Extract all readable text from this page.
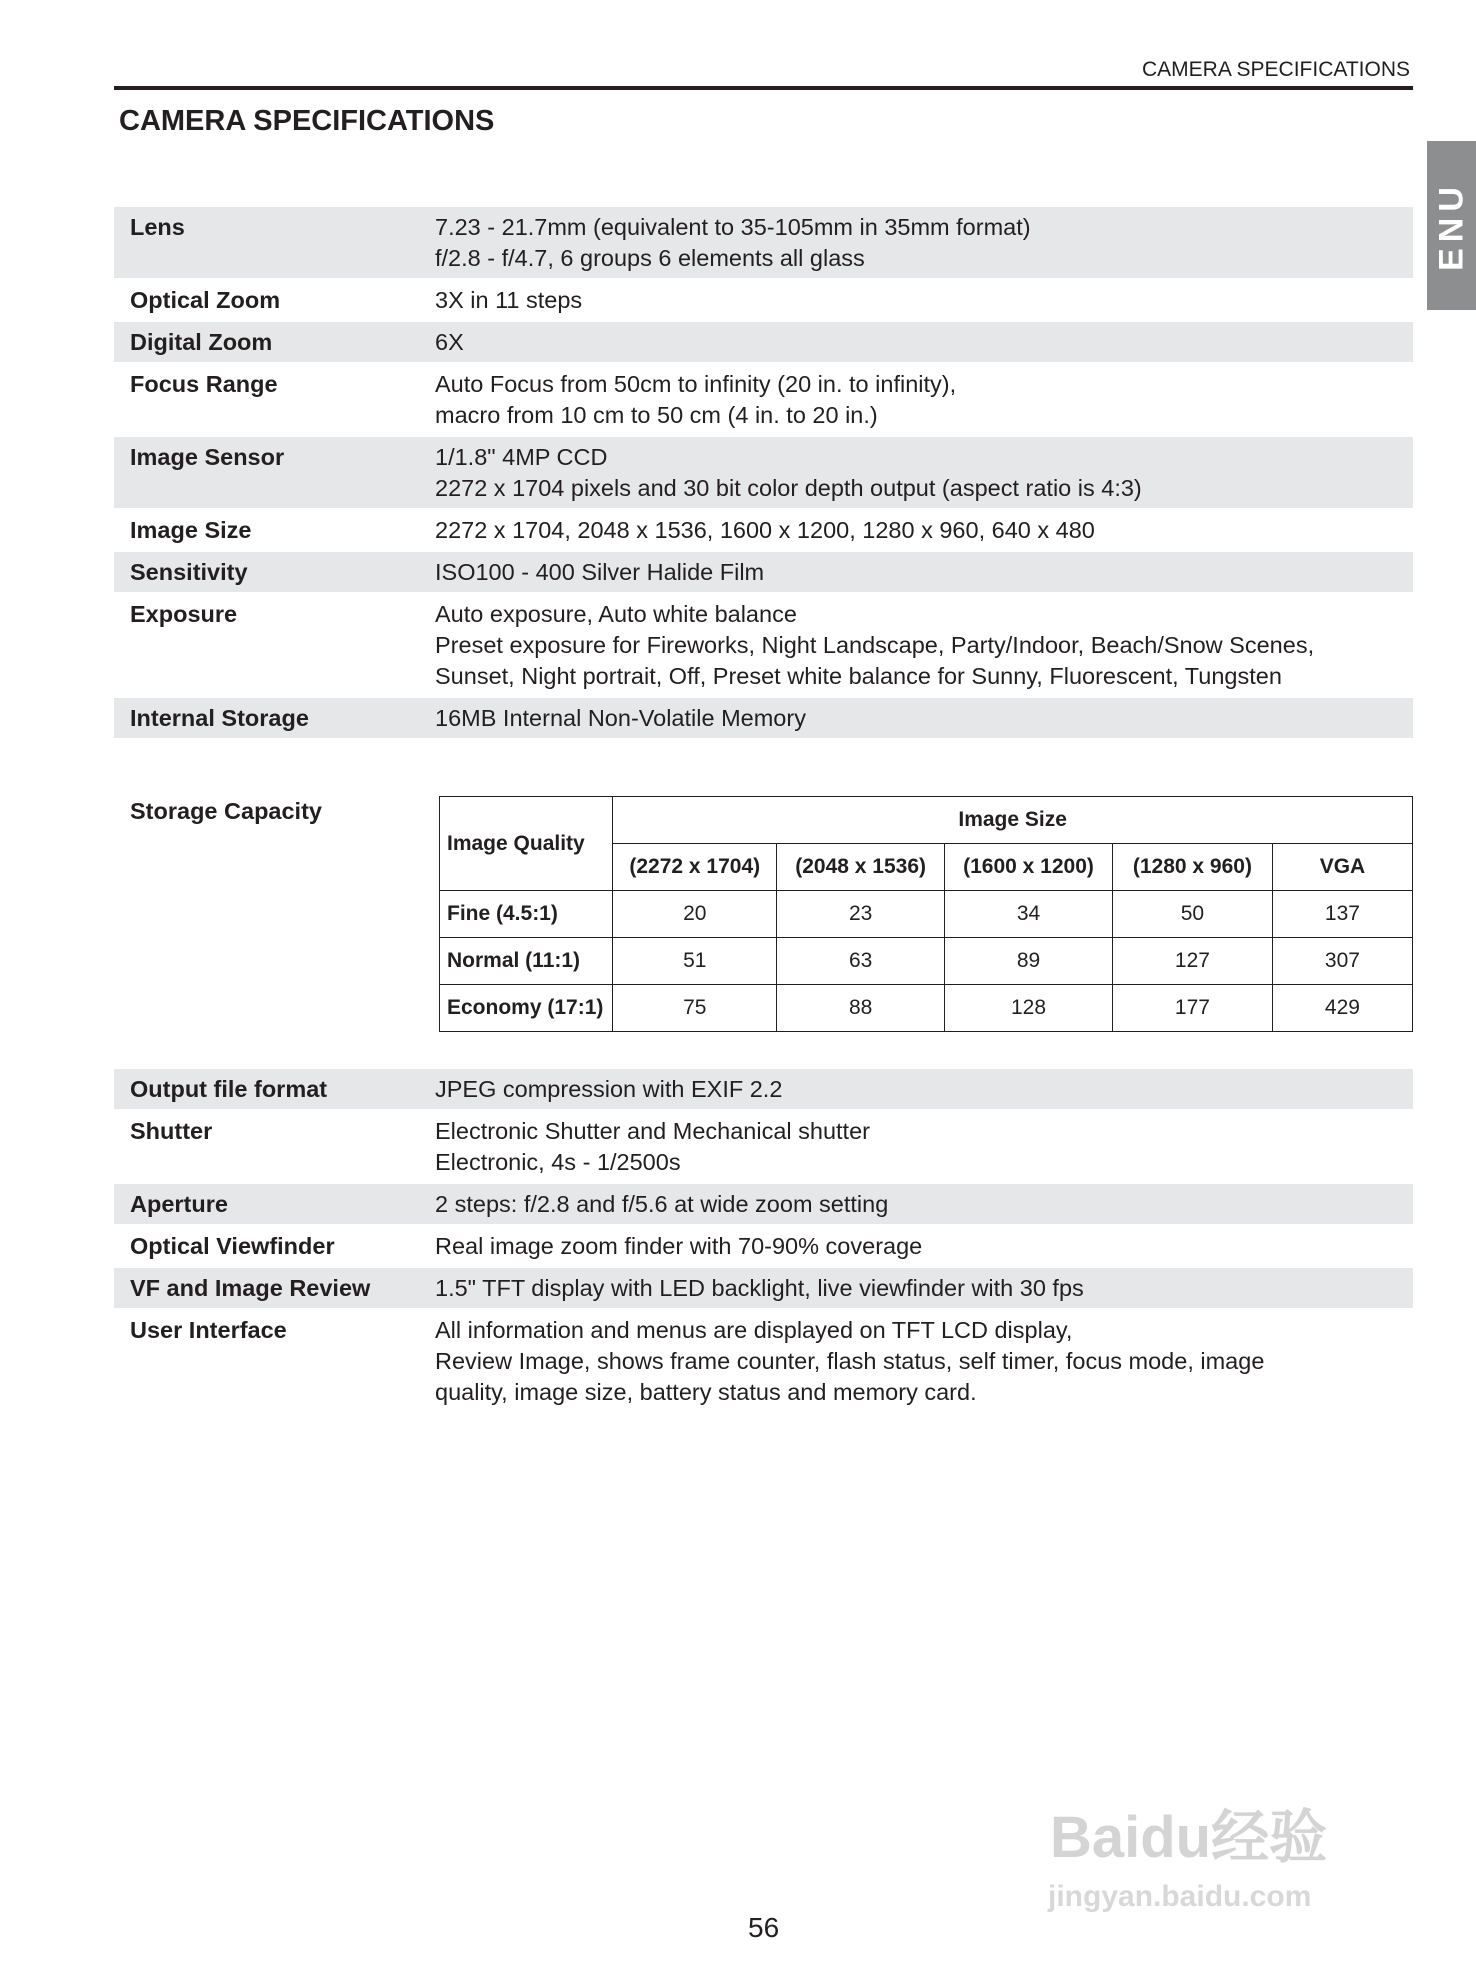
CAMERA SPECIFICATIONS
CAMERA SPECIFICATIONS
ENU
Lens	7.23 - 21.7mm (equivalent to 35-105mm in 35mm format)
f/2.8 - f/4.7, 6 groups 6 elements all glass
Optical Zoom	3X in 11 steps
Digital Zoom	6X
Focus Range	Auto Focus from 50cm to infinity (20 in. to infinity),
macro from 10 cm to 50 cm (4 in. to 20 in.)
Image Sensor	1/1.8" 4MP CCD
2272 x 1704 pixels and 30 bit color depth output (aspect ratio is 4:3)
Image Size	2272 x 1704, 2048 x 1536, 1600 x 1200, 1280 x 960, 640 x 480
Sensitivity	ISO100 - 400 Silver Halide Film
Exposure	Auto exposure, Auto white balance
Preset exposure for Fireworks, Night Landscape, Party/Indoor, Beach/Snow Scenes,
Sunset, Night portrait, Off, Preset white balance for Sunny, Fluorescent, Tungsten
Internal Storage	16MB Internal Non-Volatile Memory
Storage Capacity
Image Quality	Image Size				
	(2272 x 1704)	(2048 x 1536)	(1600 x 1200)	(1280 x 960)	VGA
Fine (4.5:1)	20	23	34	50	137
Normal (11:1)	51	63	89	127	307
Economy (17:1)	75	88	128	177	429
Output file format	JPEG compression with EXIF 2.2
Shutter	Electronic Shutter and Mechanical shutter
Electronic, 4s - 1/2500s
Aperture	2 steps: f/2.8 and f/5.6 at wide zoom setting
Optical Viewfinder	Real image zoom finder with 70-90% coverage
VF and Image Review	1.5" TFT display with LED backlight, live viewfinder with 30 fps
User Interface	All information and menus are displayed on TFT LCD display,
Review Image, shows frame counter, flash status, self timer, focus mode, image
quality, image size, battery status and memory card.
Baidu经验
jingyan.baidu.com
56
